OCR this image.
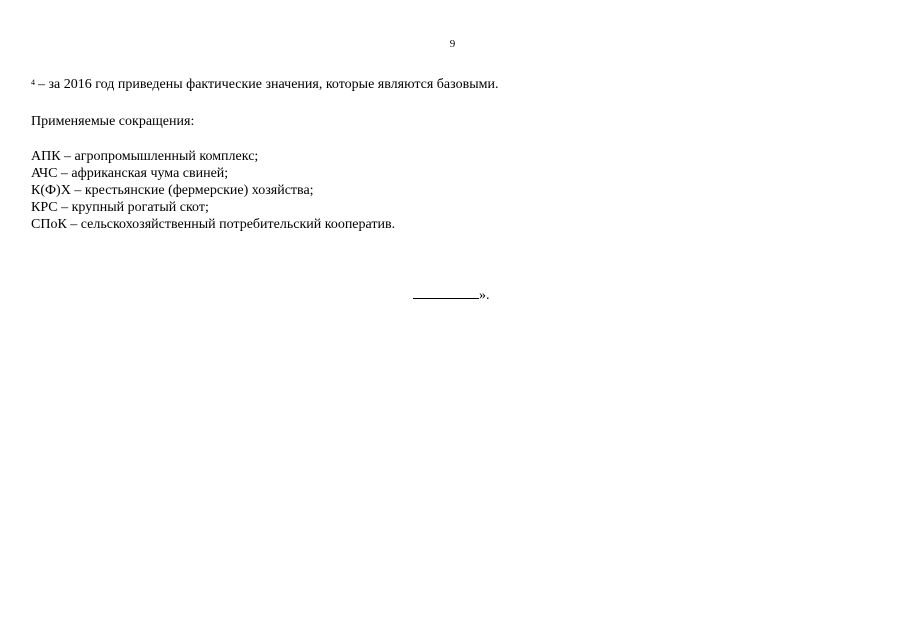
9
$^4$ – за 2016 год приведены фактические значения, которые являются базовыми.
Применяемые сокращения:
АПК – агропромышленный комплекс;
АЧС – африканская чума свиней;
К(Ф)Х – крестьянские (фермерские) хозяйства;
КРС – крупный рогатый скот;
СПоК – сельскохозяйственный потребительский кооператив.
».
